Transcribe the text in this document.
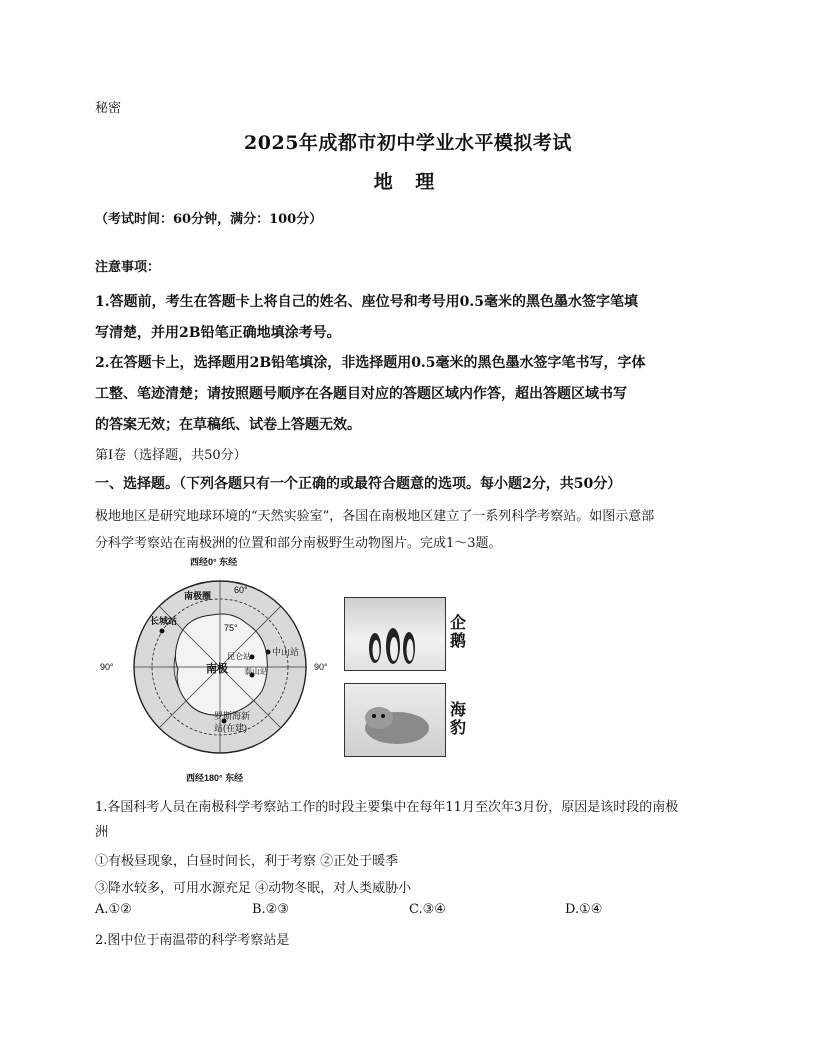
秘密
2025年成都市初中学业水平模拟考试
地 理
（考试时间：60分钟，满分：100分）
注意事项：
1.答题前，考生在答题卡上将自己的姓名、座位号和考号用0.5毫米的黑色墨水签字笔填
写清楚，并用2B铅笔正确地填涂考号。
2.在答题卡上，选择题用2B铅笔填涂，非选择题用0.5毫米的黑色墨水签字笔书写，字体
工整、笔迹清楚；请按照题号顺序在各题目对应的答题区域内作答，超出答题区域书写
的答案无效；在草稿纸、试卷上答题无效。
第Ⅰ卷（选择题，共50分）
一、选择题。（下列各题只有一个正确的或最符合题意的选项。每小题2分，共50分）
极地地区是研究地球环境的“天然实验室”，各国在南极地区建立了一系列科学考察站。如图示意部
分科学考察站在南极洲的位置和部分南极野生动物图片。完成1～3题。
西经0° 东经
西经180° 东经
90°	90°
60°
75°
南极圈
南极
长城站
昆仑站 中山站
泰山站
罗斯海新
站(在建)
企鹅
海豹
1.各国科考人员在南极科学考察站工作的时段主要集中在每年11月至次年3月份，原因是该时段的南极
洲
①有极昼现象，白昼时间长，利于考察 ②正处于暖季
③降水较多，可用水源充足 ④动物冬眠，对人类威胁小
A.①②	B.②③	C.③④	D.①④
2.图中位于南温带的科学考察站是
